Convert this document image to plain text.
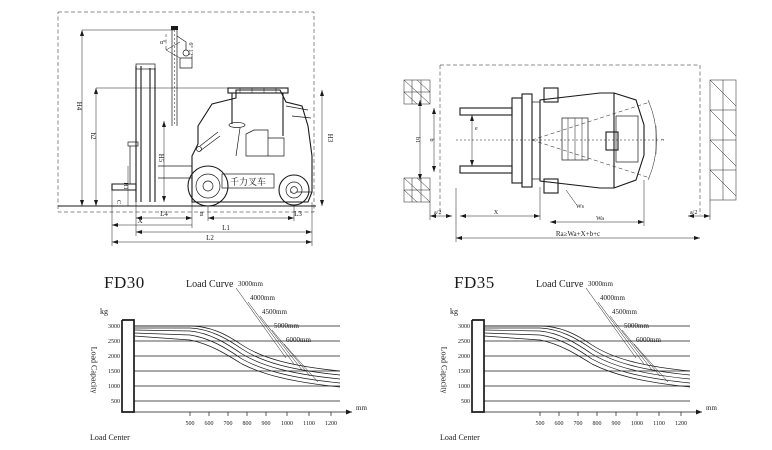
千力叉车
H4
h2
H5
H3
H1
L4	L3
X
L1
L2
m
C
6° 12°
α°
b1 b
e
c
a/2	a/2
X
Wa
Ws
Ra≥Wa+X+b+c
FD30	Load Curve
kg
Load Capacity
3000
2500
2000
1500
1000
500
mm
500 600 700 800 900 1000 1100 1200
Load Center
3000mm
4000mm
4500mm
5000mm
6000mm
FD35	Load Curve
kg
Load Capacity
3000
2500
2000
1500
1000
500
mm
500 600 700 800 900 1000 1100 1200
Load Center
3000mm
4000mm
4500mm
5000mm
6000mm
